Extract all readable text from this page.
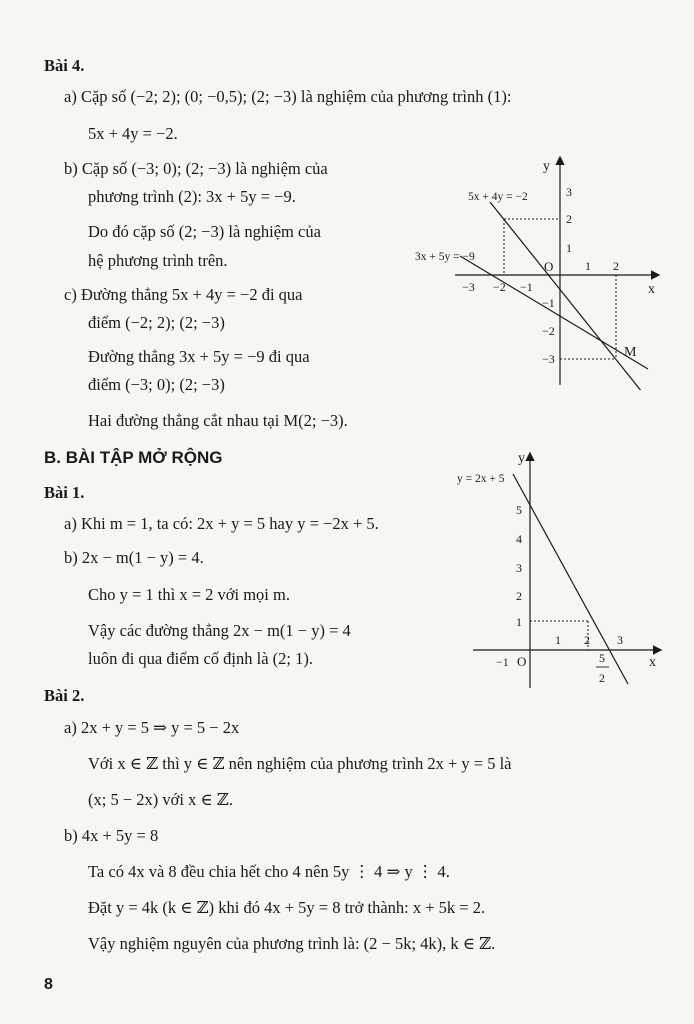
Bài 4.
a) Cặp số (−2; 2); (0; −0,5); (2; −3) là nghiệm của phương trình (1):
5x + 4y = −2.
b) Cặp số (−3; 0); (2; −3) là nghiệm của
phương trình (2): 3x + 5y = −9.
Do đó cặp số (2; −3) là nghiệm của
hệ phương trình trên.
c) Đường thẳng 5x + 4y = −2 đi qua
điểm (−2; 2); (2; −3)
Đường thẳng 3x + 5y = −9 đi qua
điểm (−3; 0); (2; −3)
Hai đường thẳng cắt nhau tại M(2; −3).
x
y
O
5x + 4y = −2
3x + 5y = −9
M
−3 −2 −1
1 2
3
2
1
−1
−2
−3
B. BÀI TẬP MỞ RỘNG
Bài 1.
a) Khi m = 1, ta có: 2x + y = 5 hay y = −2x + 5.
b) 2x − m(1 − y) = 4.
Cho y = 1 thì x = 2 với mọi m.
Vậy các đường thẳng 2x − m(1 − y) = 4
luôn đi qua điểm cố định là (2; 1).	x
y
O
y = 2x + 5
−1
1 2 3
5
2
5
4
3
2
1
Bài 2.
a) 2x + y = 5 ⇒ y = 5 − 2x
Với x ∈ ℤ thì y ∈ ℤ nên nghiệm của phương trình 2x + y = 5 là
(x; 5 − 2x) với x ∈ ℤ.
b) 4x + 5y = 8
Ta có 4x và 8 đều chia hết cho 4 nên 5y ⋮ 4 ⇒ y ⋮ 4.
Đặt y = 4k (k ∈ ℤ) khi đó 4x + 5y = 8 trở thành: x + 5k = 2.
Vậy nghiệm nguyên của phương trình là: (2 − 5k; 4k), k ∈ ℤ.
8
